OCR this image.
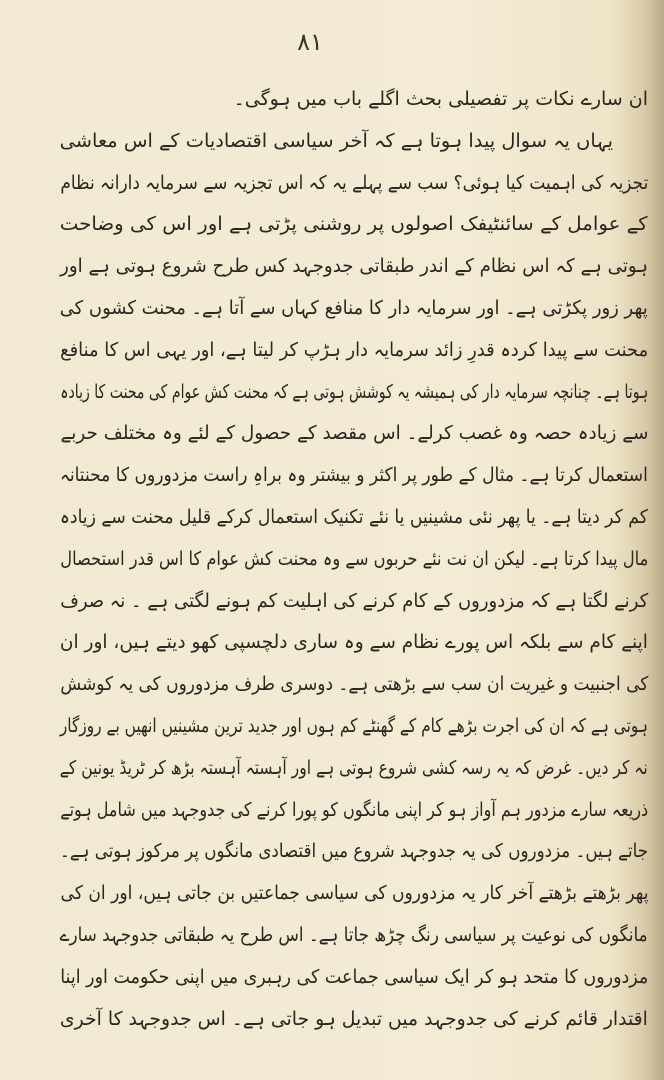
۸۱
ان سارے نکات پر تفصیلی بحث اگلے باب میں ہوگی۔
یہاں یہ سوال پیدا ہوتا ہے کہ آخر سیاسی اقتصادیات کے اس معاشی
تجزیہ کی اہمیت کیا ہوئی؟ سب سے پہلے یہ کہ اس تجزیہ سے سرمایہ دارانہ نظام
کے عوامل کے سائنٹیفک اصولوں پر روشنی پڑتی ہے اور اس کی وضاحت
ہوتی ہے کہ اس نظام کے اندر طبقاتی جدوجہد کس طرح شروع ہوتی ہے اور
پھر زور پکڑتی ہے۔ اور سرمایہ دار کا منافع کہاں سے آتا ہے۔ محنت کشوں کی
محنت سے پیدا کردہ قدرِ زائد سرمایہ دار ہڑپ کر لیتا ہے، اور یہی اس کا منافع
ہوتا ہے۔ چنانچہ سرمایہ دار کی ہمیشہ یہ کوشش ہوتی ہے کہ محنت کش عوام کی محنت کا زیادہ
سے زیادہ حصہ وہ غصب کرلے۔ اس مقصد کے حصول کے لئے وہ مختلف حربے
استعمال کرتا ہے۔ مثال کے طور پر اکثر و بیشتر وہ براہِ راست مزدوروں کا محنتانہ
کم کر دیتا ہے۔ یا پھر نئی مشینیں یا نئے تکنیک استعمال کرکے قلیل محنت سے زیادہ
مال پیدا کرتا ہے۔ لیکن ان نت نئے حربوں سے وہ محنت کش عوام کا اس قدر استحصال
کرنے لگتا ہے کہ مزدوروں کے کام کرنے کی اہلیت کم ہونے لگتی ہے ۔ نہ صرف
اپنے کام سے بلکہ اس پورے نظام سے وہ ساری دلچسپی کھو دیتے ہیں، اور ان
کی اجنبیت و غیریت ان سب سے بڑھتی ہے۔ دوسری طرف مزدوروں کی یہ کوشش
ہوتی ہے کہ ان کی اجرت بڑھے کام کے گھنٹے کم ہوں اور جدید ترین مشینیں انھیں بے روزگار
نہ کر دیں۔ غرض کہ یہ رسہ کشی شروع ہوتی ہے اور آہستہ آہستہ بڑھ کر ٹریڈ یونین کے
ذریعہ سارے مزدور ہم آواز ہو کر اپنی مانگوں کو پورا کرنے کی جدوجہد میں شامل ہوتے
جاتے ہیں۔ مزدوروں کی یہ جدوجہد شروع میں اقتصادی مانگوں پر مرکوز ہوتی ہے۔
پھر بڑھتے بڑھتے آخر کار یہ مزدوروں کی سیاسی جماعتیں بن جاتی ہیں، اور ان کی
مانگوں کی نوعیت پر سیاسی رنگ چڑھ جاتا ہے۔ اس طرح یہ طبقاتی جدوجہد سارے
مزدوروں کا متحد ہو کر ایک سیاسی جماعت کی رہبری میں اپنی حکومت اور اپنا
اقتدار قائم کرنے کی جدوجہد میں تبدیل ہو جاتی ہے۔ اس جدوجہد کا آخری
